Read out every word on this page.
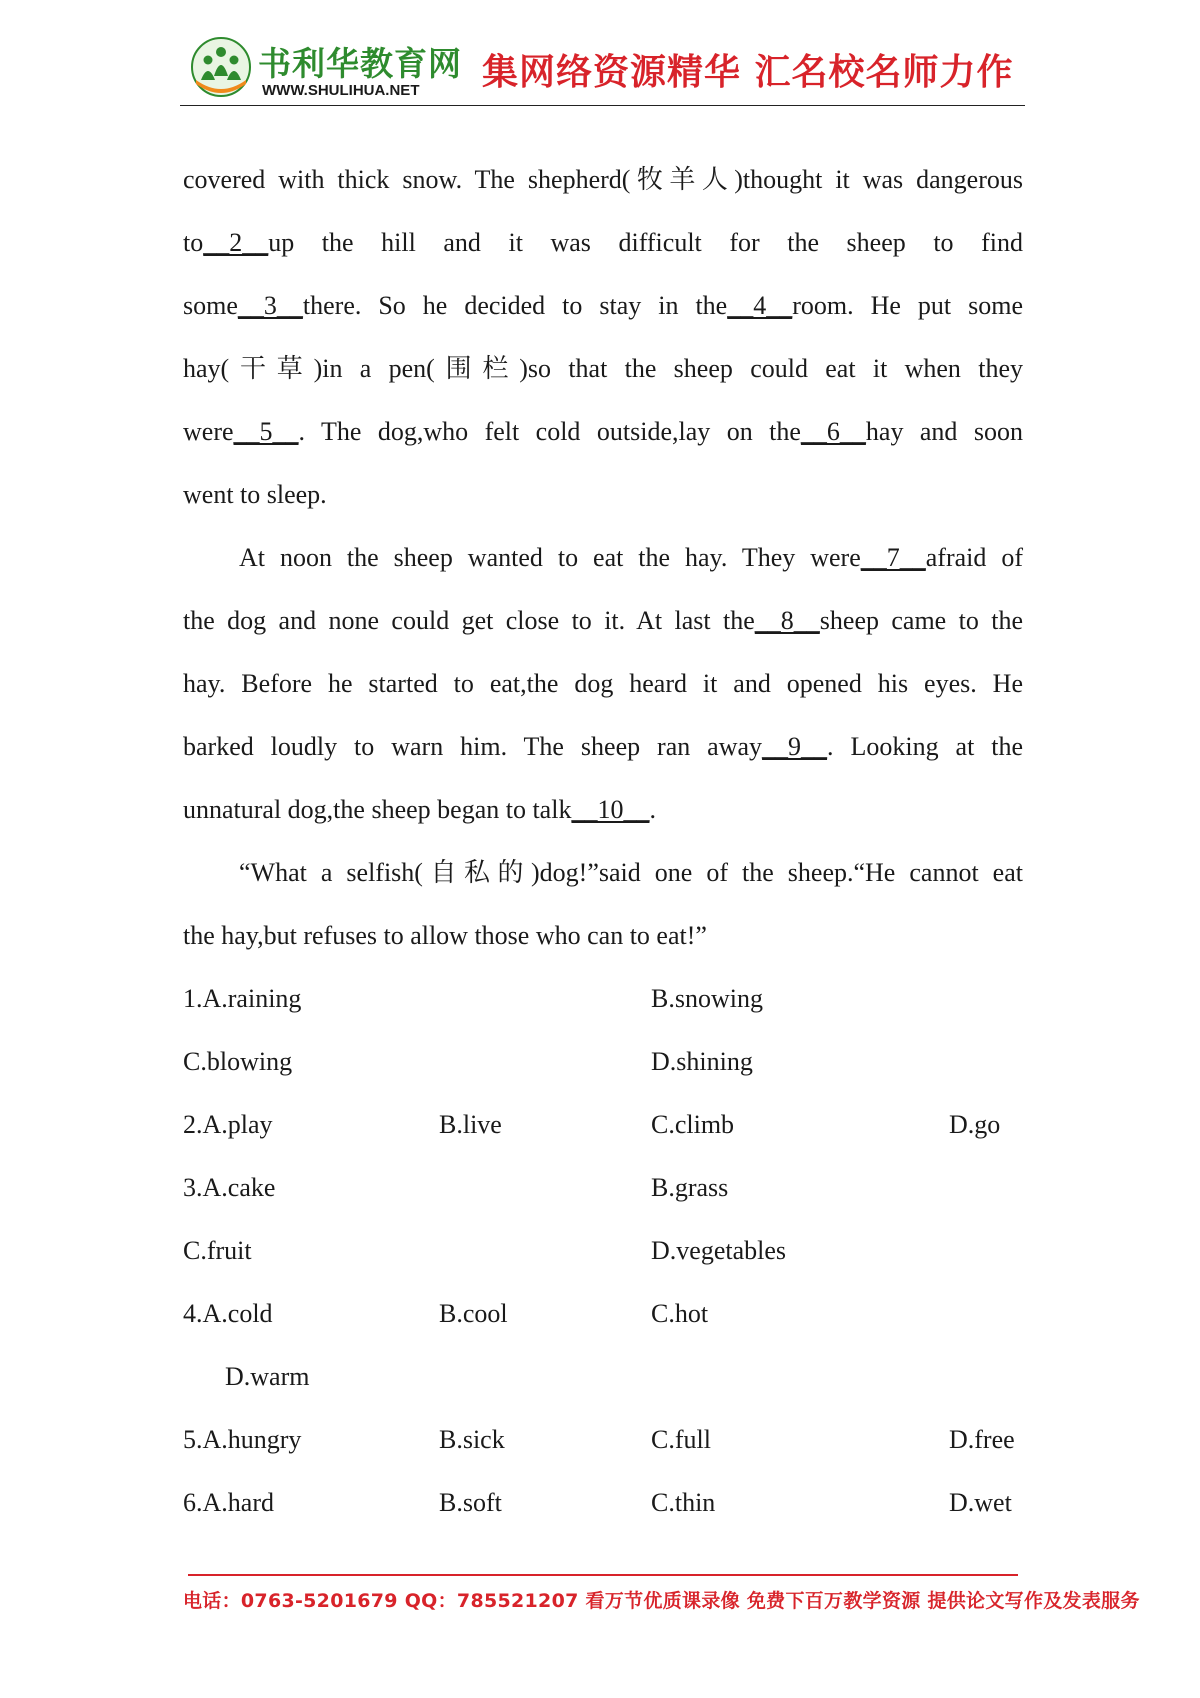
书利华教育网
WWW.SHULIHUA.NET 集网络资源精华 汇名校名师力作
covered with thick snow. The shepherd(牧羊人)thought it was dangerous
to__2__up the hill and it was difficult for the sheep to find
some__3__there. So he decided to stay in the__4__room. He put some
hay(干草)in a pen(围栏)so that the sheep could eat it when they
were__5__. The dog,who felt cold outside,lay on the__6__hay and soon
went to sleep.
At noon the sheep wanted to eat the hay. They were__7__afraid of
the dog and none could get close to it. At last the__8__sheep came to the
hay. Before he started to eat,the dog heard it and opened his eyes. He
barked loudly to warn him. The sheep ran away__9__. Looking at the
unnatural dog,the sheep began to talk__10__.
“What a selfish(自私的)dog!”said one of the sheep.“He cannot eat
the hay,but refuses to allow those who can to eat!”
1.A.raining	B.snowing
C.blowing	D.shining
2.A.play	B.live	C.climb	D.go
3.A.cake	B.grass
C.fruit	D.vegetables
4.A.cold	B.cool	C.hot
D.warm
5.A.hungry	B.sick	C.full	D.free
6.A.hard	B.soft	C.thin	D.wet
电话：0763-5201679 QQ：785521207 看万节优质课录像 免费下百万教学资源 提供论文写作及发表服务
